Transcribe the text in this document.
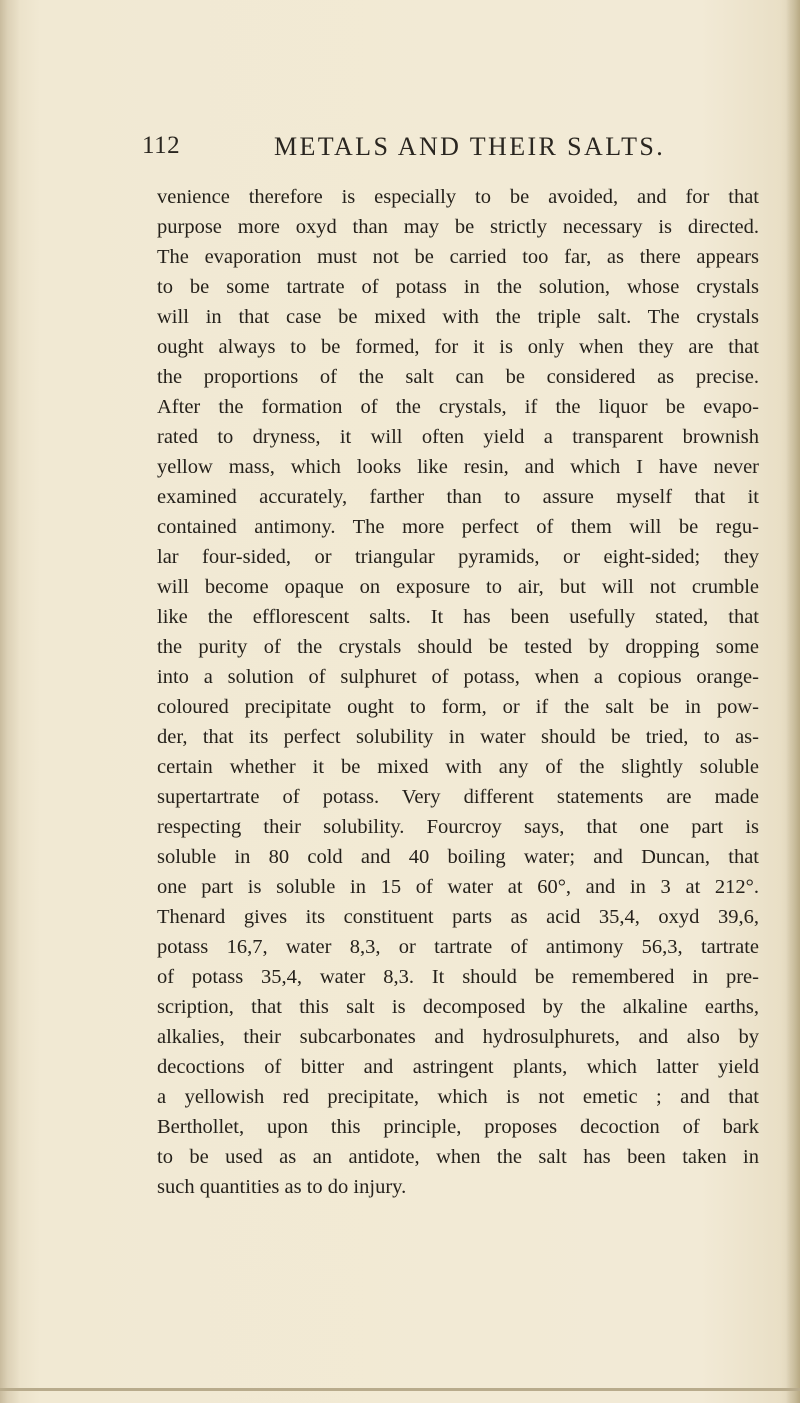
112	METALS AND THEIR SALTS.
venience therefore is especially to be avoided, and for that
purpose more oxyd than may be strictly necessary is directed.
The evaporation must not be carried too far, as there appears
to be some tartrate of potass in the solution, whose crystals
will in that case be mixed with the triple salt. The crystals
ought always to be formed, for it is only when they are that
the proportions of the salt can be considered as precise.
After the formation of the crystals, if the liquor be evapo-
rated to dryness, it will often yield a transparent brownish
yellow mass, which looks like resin, and which I have never
examined accurately, farther than to assure myself that it
contained antimony. The more perfect of them will be regu-
lar four-sided, or triangular pyramids, or eight-sided; they
will become opaque on exposure to air, but will not crumble
like the efflorescent salts. It has been usefully stated, that
the purity of the crystals should be tested by dropping some
into a solution of sulphuret of potass, when a copious orange-
coloured precipitate ought to form, or if the salt be in pow-
der, that its perfect solubility in water should be tried, to as-
certain whether it be mixed with any of the slightly soluble
supertartrate of potass. Very different statements are made
respecting their solubility. Fourcroy says, that one part is
soluble in 80 cold and 40 boiling water; and Duncan, that
one part is soluble in 15 of water at 60°, and in 3 at 212°.
Thenard gives its constituent parts as acid 35,4, oxyd 39,6,
potass 16,7, water 8,3, or tartrate of antimony 56,3, tartrate
of potass 35,4, water 8,3. It should be remembered in pre-
scription, that this salt is decomposed by the alkaline earths,
alkalies, their subcarbonates and hydrosulphurets, and also by
decoctions of bitter and astringent plants, which latter yield
a yellowish red precipitate, which is not emetic ; and that
Berthollet, upon this principle, proposes decoction of bark
to be used as an antidote, when the salt has been taken in
such quantities as to do injury.
